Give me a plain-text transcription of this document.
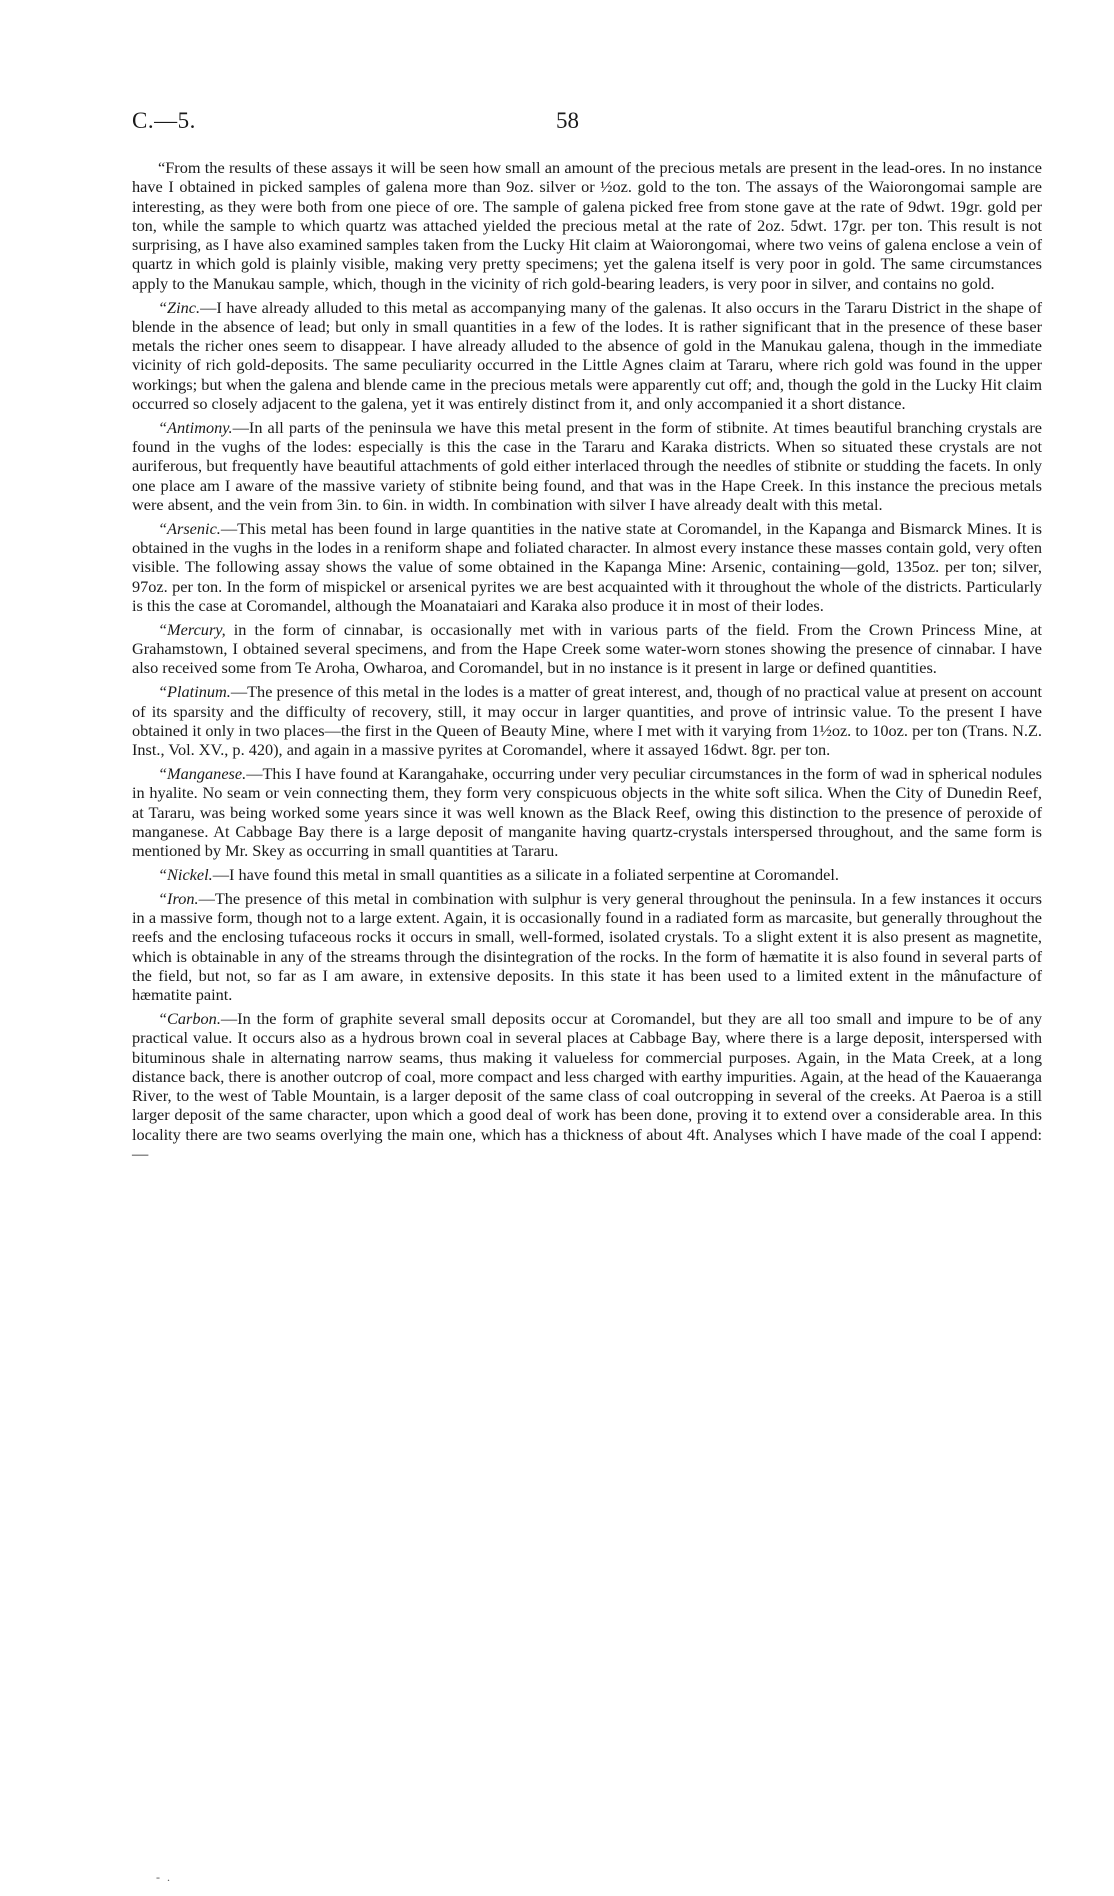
C.—5.	58

“From the results of these assays it will be seen how small an amount of the precious metals are present in the lead-ores. In no instance have I obtained in picked samples of galena more than 9oz. silver or ½oz. gold to the ton. The assays of the Waiorongomai sample are interesting, as they were both from one piece of ore. The sample of galena picked free from stone gave at the rate of 9dwt. 19gr. gold per ton, while the sample to which quartz was attached yielded the precious metal at the rate of 2oz. 5dwt. 17gr. per ton. This result is not surprising, as I have also examined samples taken from the Lucky Hit claim at Waiorongomai, where two veins of galena enclose a vein of quartz in which gold is plainly visible, making very pretty specimens; yet the galena itself is very poor in gold. The same circumstances apply to the Manukau sample, which, though in the vicinity of rich gold-bearing leaders, is very poor in silver, and contains no gold.

“Zinc.—I have already alluded to this metal as accompanying many of the galenas. It also occurs in the Tararu District in the shape of blende in the absence of lead; but only in small quantities in a few of the lodes. It is rather significant that in the presence of these baser metals the richer ones seem to disappear. I have already alluded to the absence of gold in the Manukau galena, though in the immediate vicinity of rich gold-deposits. The same peculiarity occurred in the Little Agnes claim at Tararu, where rich gold was found in the upper workings; but when the galena and blende came in the precious metals were apparently cut off; and, though the gold in the Lucky Hit claim occurred so closely adjacent to the galena, yet it was entirely distinct from it, and only accompanied it a short distance.

“Antimony.—In all parts of the peninsula we have this metal present in the form of stibnite. At times beautiful branching crystals are found in the vughs of the lodes: especially is this the case in the Tararu and Karaka districts. When so situated these crystals are not auriferous, but frequently have beautiful attachments of gold either interlaced through the needles of stibnite or studding the facets. In only one place am I aware of the massive variety of stibnite being found, and that was in the Hape Creek. In this instance the precious metals were absent, and the vein from 3in. to 6in. in width. In combination with silver I have already dealt with this metal.

“Arsenic.—This metal has been found in large quantities in the native state at Coromandel, in the Kapanga and Bismarck Mines. It is obtained in the vughs in the lodes in a reniform shape and foliated character. In almost every instance these masses contain gold, very often visible. The following assay shows the value of some obtained in the Kapanga Mine: Arsenic, containing—gold, 135oz. per ton; silver, 97oz. per ton. In the form of mispickel or arsenical pyrites we are best acquainted with it throughout the whole of the districts. Particularly is this the case at Coromandel, although the Moanataiari and Karaka also produce it in most of their lodes.

“Mercury, in the form of cinnabar, is occasionally met with in various parts of the field. From the Crown Princess Mine, at Grahamstown, I obtained several specimens, and from the Hape Creek some water-worn stones showing the presence of cinnabar. I have also received some from Te Aroha, Owharoa, and Coromandel, but in no instance is it present in large or defined quantities.

“Platinum.—The presence of this metal in the lodes is a matter of great interest, and, though of no practical value at present on account of its sparsity and the difficulty of recovery, still, it may occur in larger quantities, and prove of intrinsic value. To the present I have obtained it only in two places—the first in the Queen of Beauty Mine, where I met with it varying from 1½oz. to 10oz. per ton (Trans. N.Z. Inst., Vol. XV., p. 420), and again in a massive pyrites at Coromandel, where it assayed 16dwt. 8gr. per ton.

“Manganese.—This I have found at Karangahake, occurring under very peculiar circumstances in the form of wad in spherical nodules in hyalite. No seam or vein connecting them, they form very conspicuous objects in the white soft silica. When the City of Dunedin Reef, at Tararu, was being worked some years since it was well known as the Black Reef, owing this distinction to the presence of peroxide of manganese. At Cabbage Bay there is a large deposit of manganite having quartz-crystals interspersed throughout, and the same form is mentioned by Mr. Skey as occurring in small quantities at Tararu.

“Nickel.—I have found this metal in small quantities as a silicate in a foliated serpentine at Coromandel.

“Iron.—The presence of this metal in combination with sulphur is very general throughout the peninsula. In a few instances it occurs in a massive form, though not to a large extent. Again, it is occasionally found in a radiated form as marcasite, but generally throughout the reefs and the enclosing tufaceous rocks it occurs in small, well-formed, isolated crystals. To a slight extent it is also present as magnetite, which is obtainable in any of the streams through the disintegration of the rocks. In the form of hæmatite it is also found in several parts of the field, but not, so far as I am aware, in extensive deposits. In this state it has been used to a limited extent in the mânufacture of hæmatite paint.

“Carbon.—In the form of graphite several small deposits occur at Coromandel, but they are all too small and impure to be of any practical value. It occurs also as a hydrous brown coal in several places at Cabbage Bay, where there is a large deposit, interspersed with bituminous shale in alternating narrow seams, thus making it valueless for commercial purposes. Again, in the Mata Creek, at a long distance back, there is another outcrop of coal, more compact and less charged with earthy impurities. Again, at the head of the Kauaeranga River, to the west of Table Mountain, is a larger deposit of the same class of coal outcropping in several of the creeks. At Paeroa is a still larger deposit of the same character, upon which a good deal of work has been done, proving it to extend over a considerable area. In this locality there are two seams overlying the main one, which has a thickness of about 4ft. Analyses which I have made of the coal I append:—

- .
